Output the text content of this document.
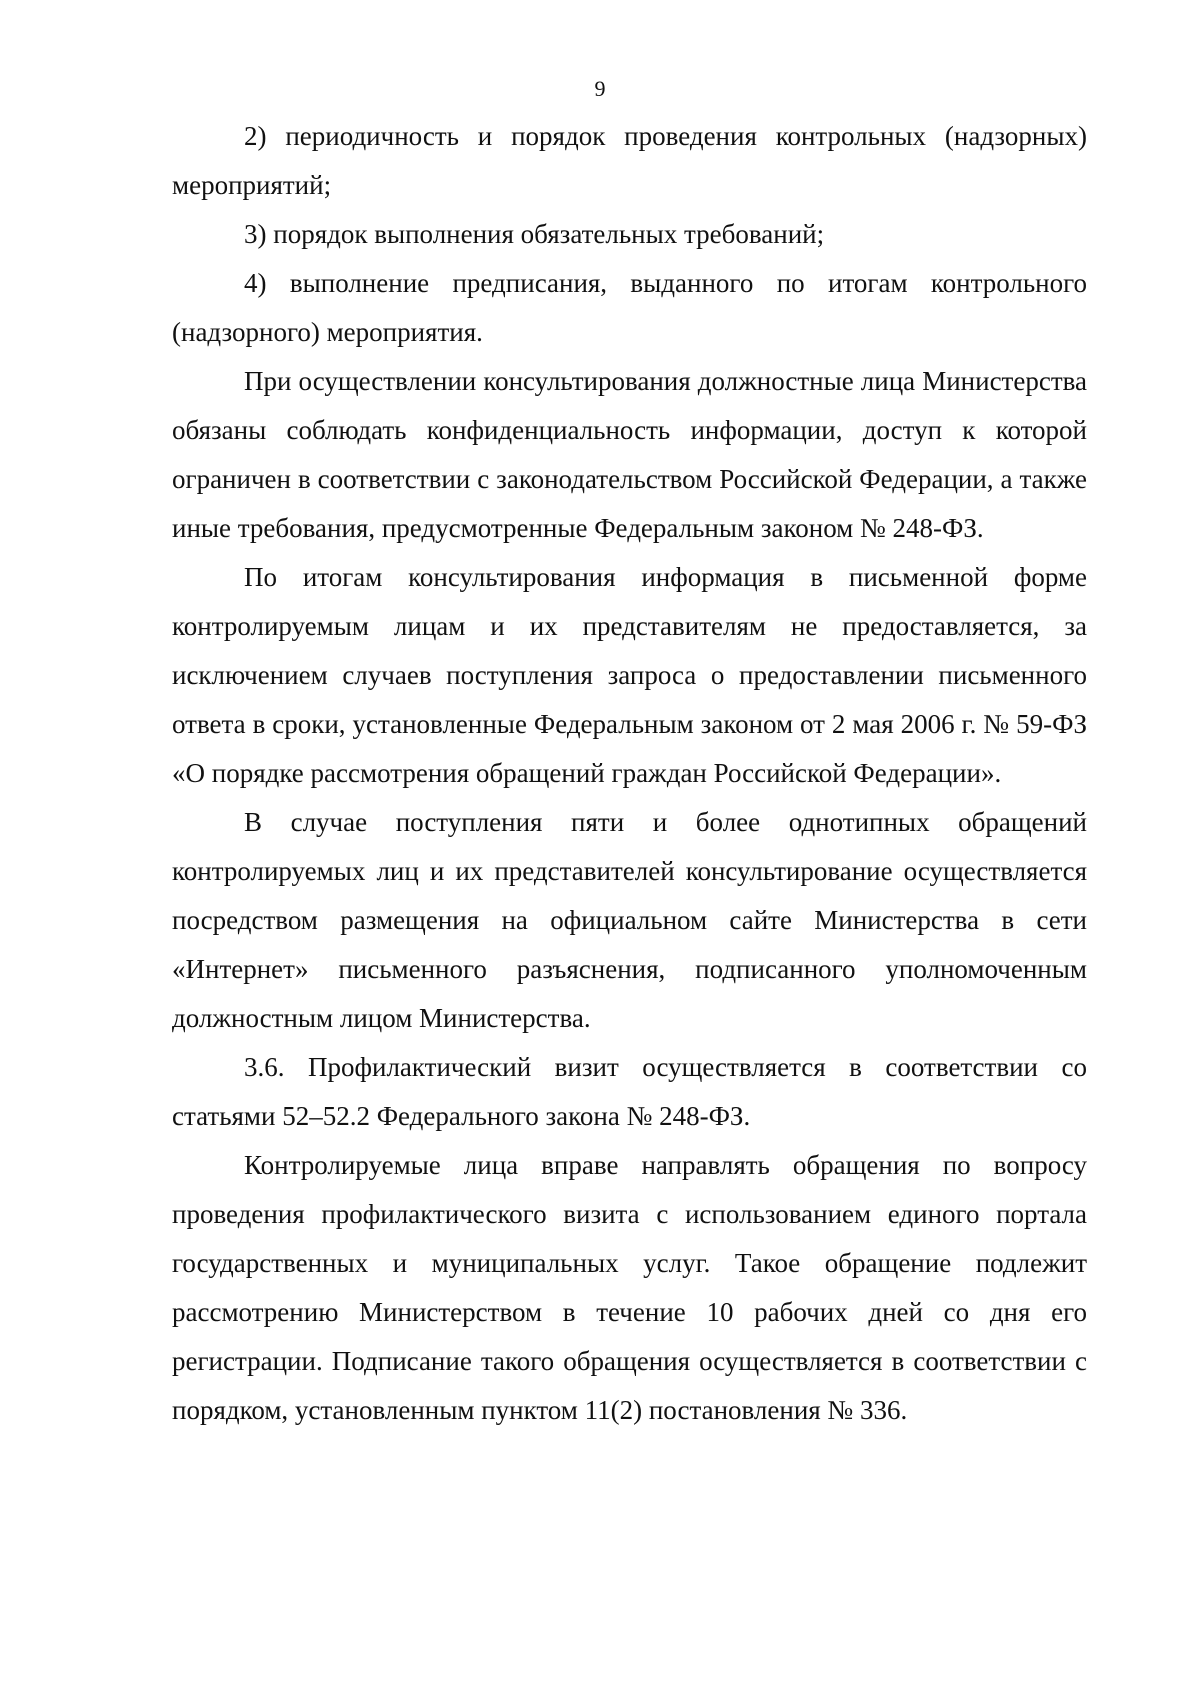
9

2) периодичность и порядок проведения контрольных (надзорных) мероприятий;

3) порядок выполнения обязательных требований;

4) выполнение предписания, выданного по итогам контрольного (надзорного) мероприятия.

При осуществлении консультирования должностные лица Министерства обязаны соблюдать конфиденциальность информации, доступ к которой ограничен в соответствии с законодательством Российской Федерации, а также иные требования, предусмотренные Федеральным законом № 248-ФЗ.

По итогам консультирования информация в письменной форме контролируемым лицам и их представителям не предоставляется, за исключением случаев поступления запроса о предоставлении письменного ответа в сроки, установленные Федеральным законом от 2 мая 2006 г. № 59-ФЗ «О порядке рассмотрения обращений граждан Российской Федерации».

В случае поступления пяти и более однотипных обращений контролируемых лиц и их представителей консультирование осуществляется посредством размещения на официальном сайте Министерства в сети «Интернет» письменного разъяснения, подписанного уполномоченным должностным лицом Министерства.

3.6. Профилактический визит осуществляется в соответствии со статьями 52–52.2 Федерального закона № 248-ФЗ.

Контролируемые лица вправе направлять обращения по вопросу проведения профилактического визита с использованием единого портала государственных и муниципальных услуг. Такое обращение подлежит рассмотрению Министерством в течение 10 рабочих дней со дня его регистрации. Подписание такого обращения осуществляется в соответствии с порядком, установленным пунктом 11(2) постановления № 336.
